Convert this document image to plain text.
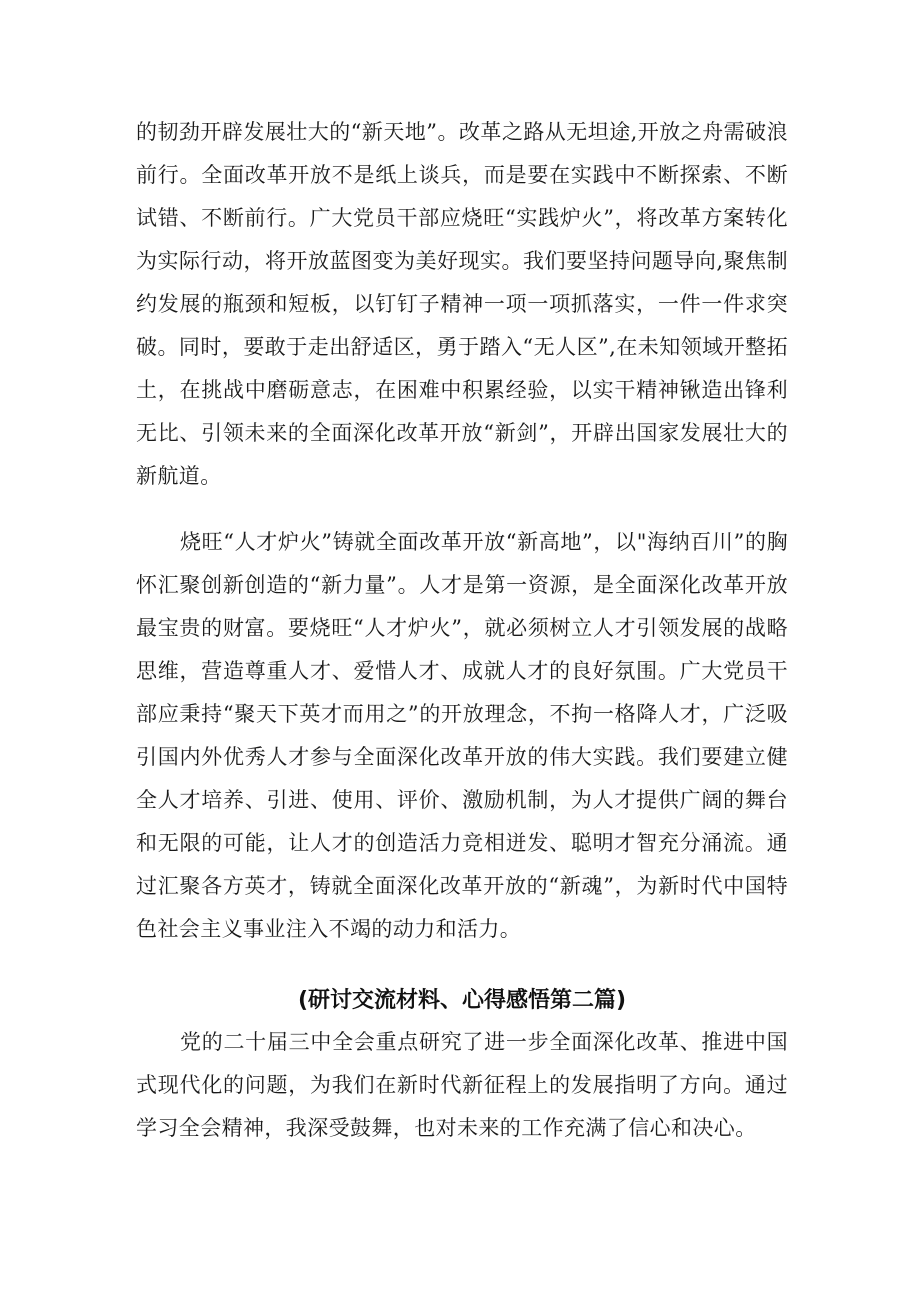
的韧劲开辟发展壮大的“新天地”。改革之路从无坦途,开放之舟需破浪前行。全面改革开放不是纸上谈兵，而是要在实践中不断探索、不断试错、不断前行。广大党员干部应烧旺“实践炉火”，将改革方案转化为实际行动，将开放蓝图变为美好现实。我们要坚持问题导向,聚焦制约发展的瓶颈和短板，以钉钉子精神一项一项抓落实，一件一件求突破。同时，要敢于走出舒适区，勇于踏入“无人区”,在未知领域开整拓土，在挑战中磨砺意志，在困难中积累经验，以实干精神锹造出锋利无比、引领未来的全面深化改革开放“新剑”，开辟出国家发展壮大的新航道。

烧旺“人才炉火”铸就全面改革开放“新高地”，以"海纳百川”的胸怀汇聚创新创造的“新力量”。人才是第一资源，是全面深化改革开放最宝贵的财富。要烧旺“人才炉火”，就必须树立人才引领发展的战略思维，营造尊重人才、爱惜人才、成就人才的良好氛围。广大党员干部应秉持“聚天下英才而用之”的开放理念，不拘一格降人才，广泛吸引国内外优秀人才参与全面深化改革开放的伟大实践。我们要建立健全人才培养、引进、使用、评价、激励机制，为人才提供广阔的舞台和无限的可能，让人才的创造活力竞相迸发、聪明才智充分涌流。通过汇聚各方英才，铸就全面深化改革开放的“新魂”，为新时代中国特色社会主义事业注入不竭的动力和活力。

(研讨交流材料、心得感悟第二篇)

党的二十届三中全会重点研究了进一步全面深化改革、推进中国式现代化的问题，为我们在新时代新征程上的发展指明了方向。通过学习全会精神，我深受鼓舞，也对未来的工作充满了信心和决心。
